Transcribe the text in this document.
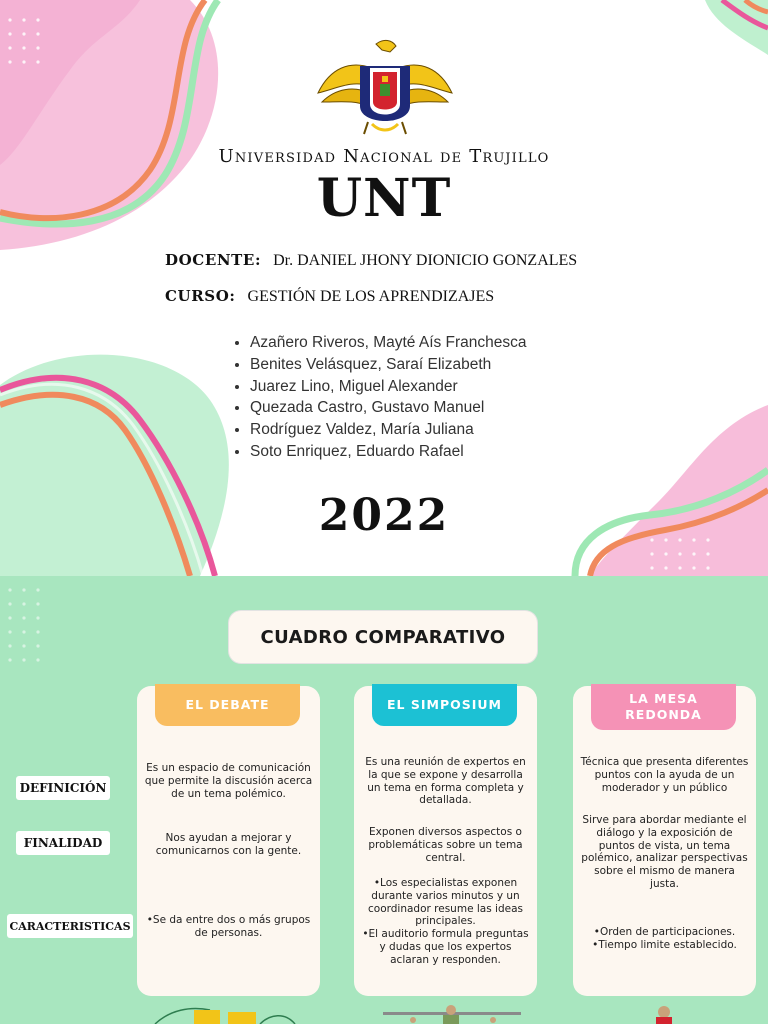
Universidad Nacional de Trujillo
UNT
DOCENTE: Dr. DANIEL JHONY DIONICIO GONZALES
CURSO: GESTIÓN DE LOS APRENDIZAJES
• Azañero Riveros, Mayté Aís Franchesca
• Benites Velásquez, Saraí Elizabeth
• Juarez Lino, Miguel Alexander
• Quezada Castro, Gustavo Manuel
• Rodríguez Valdez, María Juliana
• Soto Enriquez, Eduardo Rafael
2022
CUADRO COMPARATIVO
DEFINICIÓN
FINALIDAD
CARACTERISTICAS
EL DEBATE
Es un espacio de comunicación que permite la discusión acerca de un tema polémico.
Nos ayudan a mejorar y comunicarnos con la gente.
•Se da entre dos o más grupos de personas.
EL SIMPOSIUM
Es una reunión de expertos en la que se expone y desarrolla un tema en forma completa y detallada.
Exponen diversos aspectos o problemáticas sobre un tema central.
•Los especialistas exponen durante varios minutos y un coordinador resume las ideas principales.
•El auditorio formula preguntas y dudas que los expertos aclaran y responden.
LA MESA REDONDA
Técnica que presenta diferentes puntos con la ayuda de un moderador y un público
Sirve para abordar mediante el diálogo y la exposición de puntos de vista, un tema polémico, analizar perspectivas sobre el mismo de manera justa.
•Orden de participaciones.
•Tiempo limite establecido.
